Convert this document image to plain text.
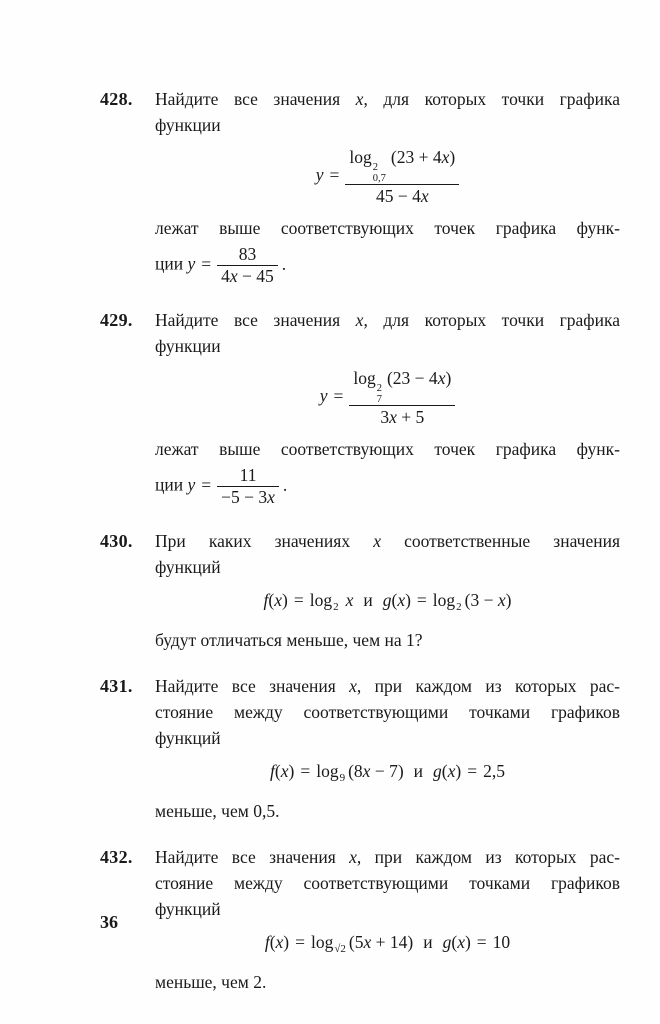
428.	Найдите все значения x, для которых точки графика
функции
y = log
2
0,7
(23 + 4x)
45 − 4x
лежат выше соответствующих точек графика функ-
ции $y = \frac{83}{4x - 45}$ .
429.	Найдите все значения x, для которых точки графика
функции
y = log
2
7
(23 − 4x)
3x + 5
лежат выше соответствующих точек графика функ-
ции $y = \frac{11}{-5 - 3x}$ .
430.	При каких значениях x соответственные значения
функций
$f(x) = \log_2 x$ и $g(x) = \log_2 (3 - x)$
будут отличаться меньше, чем на 1?
431.	Найдите все значения x, при каждом из которых рас-
стояние между соответствующими точками графиков
функций
$f(x) = \log_9 (8x - 7)$ и g(x) = 2,5
меньше, чем 0,5.
432.	Найдите все значения x, при каждом из которых рас-
стояние между соответствующими точками графиков
функций
$f(x) = \log_{√2} (5x + 14)$ и g(x) = 10
меньше, чем 2.
36
